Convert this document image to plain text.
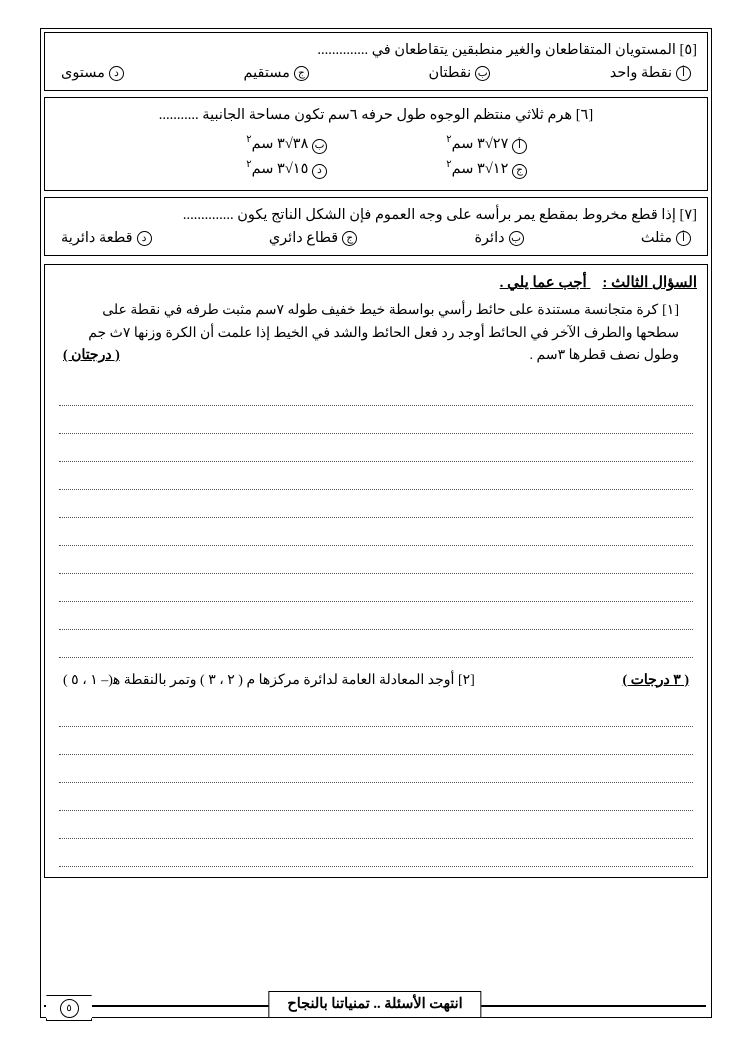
[٥] المستويان المتقاطعان والغير منطبقين يتقاطعان في ..............
أ
نقطة واحد
ب
نقطتان
ج
مستقيم
د
مستوى
[٦] هرم ثلاثي منتظم الوجوه طول حرفه ٦سم تكون مساحة الجانبية ...........
أ ٢٧√٣ سم$^٢$
ب ٣٨√٣ سم$^٢$
ج ١٢√٣ سم$^٢$
د ١٥√٣ سم$^٢$
[٧] إذا قطع مخروط بمقطع يمر برأسه على وجه العموم فإن الشكل الناتج يكون ..............
أ
مثلث
ب
دائرة
ج
قطاع دائري
د
قطعة دائرية
السؤال الثالث : أجب عما يلي .
[١]
كرة متجانسة مستندة على حائط رأسي بواسطة خيط خفيف طوله ٧سم مثبت طرفه في نقطة على سطحها والطرف الآخر في الحائط أوجد رد فعل الحائط والشد في الخيط إذا علمت أن الكرة وزنها ٧ث جم وطول نصف قطرها ٣سم .
( درجتان )
( ٣ درجات )
[٢] أوجد المعادلة العامة لدائرة مركزها م ( ٢ ، ٣ ) وتمر بالنقطة ﻫ(– ١ ، ٥ )
انتهت الأسئلة .. تمنياتنا بالنجاح
٥
